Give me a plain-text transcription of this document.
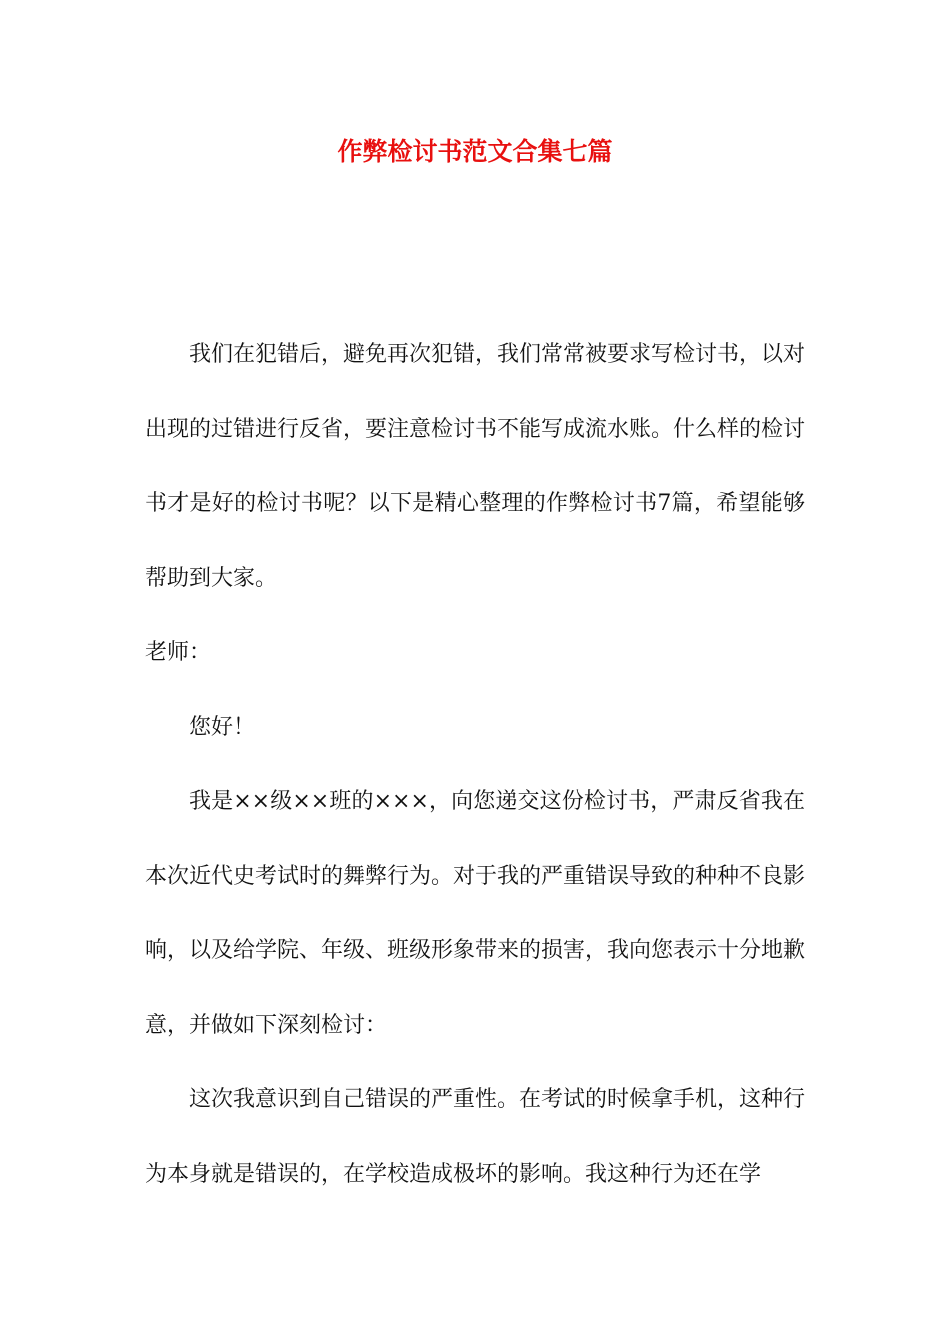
作弊检讨书范文合集七篇

我们在犯错后，避免再次犯错，我们常常被要求写检讨书，以对出现的过错进行反省，要注意检讨书不能写成流水账。什么样的检讨书才是好的检讨书呢？以下是精心整理的作弊检讨书7篇，希望能够帮助到大家。

老师：

您好！

我是××级××班的×××，向您递交这份检讨书，严肃反省我在本次近代史考试时的舞弊行为。对于我的严重错误导致的种种不良影响，以及给学院、年级、班级形象带来的损害，我向您表示十分地歉意，并做如下深刻检讨：

这次我意识到自己错误的严重性。在考试的时候拿手机，这种行为本身就是错误的，在学校造成极坏的影响。我这种行为还在学
